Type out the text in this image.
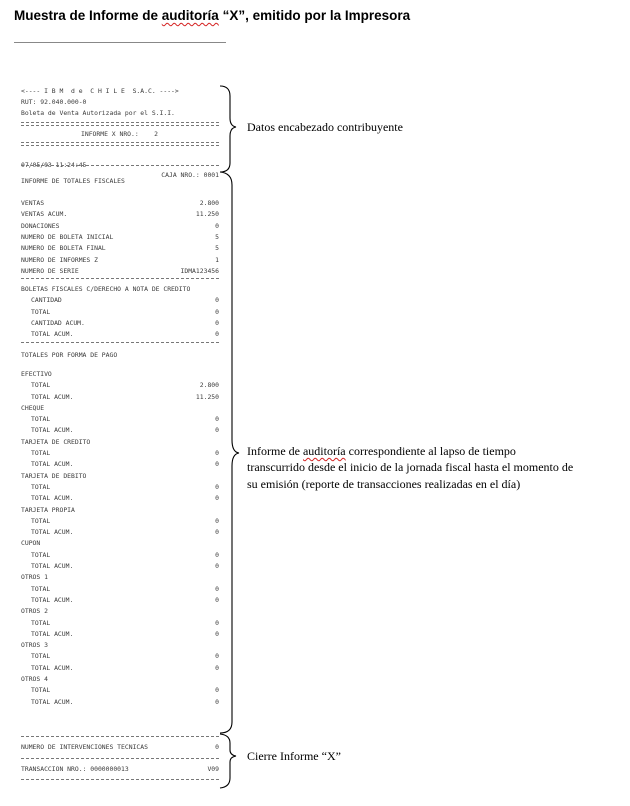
Muestra de Informe de auditoría “X”, emitido por la Impresora
<---- I B M  d e  C H I L E  S.A.C. ---->
RUT: 92.040.000-0
Boleta de Venta Autorizada por el S.I.I.
INFORME X NRO.:    2

07/05/03 11:24:45

CAJA NRO.: 0001

INFORME DE TOTALES FISCALES
VENTAS	2.800
VENTAS ACUM.	11.250
DONACIONES	0
NUMERO DE BOLETA INICIAL	5
NUMERO DE BOLETA FINAL	5
NUMERO DE INFORMES Z	1
NUMERO DE SERIE	IDMA123456
BOLETAS FISCALES C/DERECHO A NOTA DE CREDITO
CANTIDAD	0
TOTAL	0
CANTIDAD ACUM.	0
TOTAL ACUM.	0
TOTALES POR FORMA DE PAGO
EFECTIVO
TOTAL	2.800
TOTAL ACUM.	11.250
CHEQUE
TOTAL	0
TOTAL ACUM.	0
TARJETA DE CREDITO
TOTAL	0
TOTAL ACUM.	0
TARJETA DE DEBITO
TOTAL	0
TOTAL ACUM.	0
TARJETA PROPIA
TOTAL	0
TOTAL ACUM.	0
CUPON
TOTAL	0
TOTAL ACUM.	0
OTROS 1
TOTAL	0
TOTAL ACUM.	0
OTROS 2
TOTAL	0
TOTAL ACUM.	0
OTROS 3
TOTAL	0
TOTAL ACUM.	0
OTROS 4
TOTAL	0
TOTAL ACUM.	0
NUMERO DE INTERVENCIONES TECNICAS	0
TRANSACCION NRO.: 0000000013	V09
Datos encabezado contribuyente
Informe de auditoría correspondiente al lapso de tiempo
transcurrido desde el inicio de la jornada fiscal hasta el momento de
su emisión (reporte de transacciones realizadas en el día)
Cierre Informe “X”
